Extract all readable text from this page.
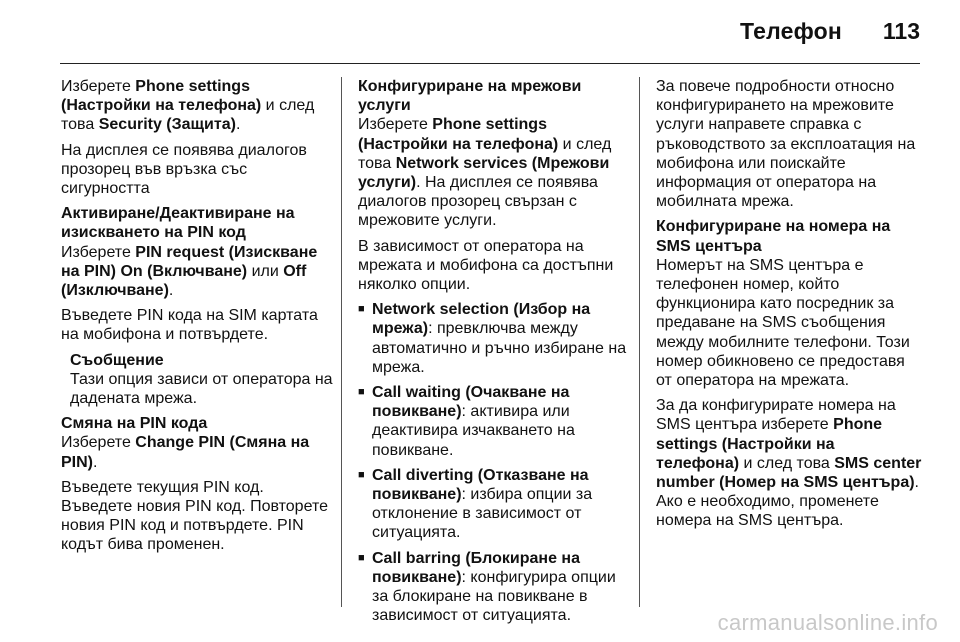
Телефон 113

Изберете Phone settings (Настройки на телефона) и след това Security (Защита).

На дисплея се появява диалогов прозорец във връзка със сигурността

Активиране/Деактивиране на изискването на PIN код

Изберете PIN request (Изискване на PIN) On (Включване) или Off (Изключване).

Въведете PIN кода на SIM картата на мобифона и потвърдете.

Съобщение
Тази опция зависи от оператора на дадената мрежа.
Смяна на PIN кода

Изберете Change PIN (Смяна на PIN).

Въведете текущия PIN код. Въведете новия PIN код. Повторете новия PIN код и потвърдете. PIN кодът бива променен.

Конфигуриране на мрежови услуги

Изберете Phone settings (Настройки на телефона) и след това Network services (Мрежови услуги). На дисплея се появява диалогов прозорец свързан с мрежовите услуги.

В зависимост от оператора на мрежата и мобифона са достъпни няколко опции.

■ Network selection (Избор на мрежа): превключва между автоматично и ръчно избиране на мрежа.
■ Call waiting (Очакване на повикване): активира или деактивира изчакването на повикване.
■ Call diverting (Отказване на повикване): избира опции за отклонение в зависимост от ситуацията.
■ Call barring (Блокиране на повикване): конфигурира опции за блокиране на повикване в зависимост от ситуацията.

За повече подробности относно конфигурирането на мрежовите услуги направете справка с ръководството за експлоатация на мобифона или поискайте информация от оператора на мобилната мрежа.

Конфигуриране на номера на SMS центъра

Номерът на SMS центъра е телефонен номер, който функционира като посредник за предаване на SMS съобщения между мобилните телефони. Този номер обикновено се предоставя от оператора на мрежата.

За да конфигурирате номера на SMS центъра изберете Phone settings (Настройки на телефона) и след това SMS center number (Номер на SMS центъра). Ако е необходимо, променете номера на SMS центъра.

carmanualsonline.info
